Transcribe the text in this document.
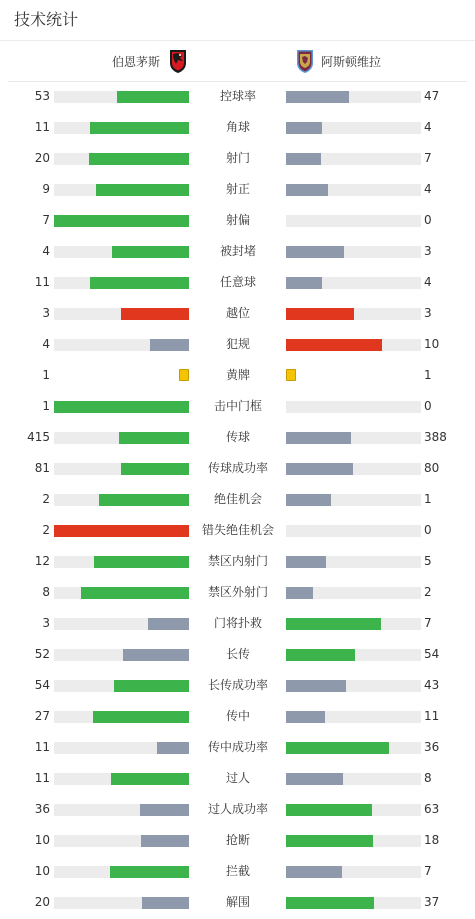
技术统计
伯恩茅斯	阿斯顿维拉
53	控球率	47
11	角球	4
20	射门	7
9	射正	4
7	射偏	0
4	被封堵	3
11	任意球	4
3	越位	3
4	犯规	10
1	黄牌	1
1	击中门框	0
415	传球	388
81	传球成功率	80
2	绝佳机会	1
2	错失绝佳机会	0
12	禁区内射门	5
8	禁区外射门	2
3	门将扑救	7
52	长传	54
54	长传成功率	43
27	传中	11
11	传中成功率	36
11	过人	8
36	过人成功率	63
10	抢断	18
10	拦截	7
20	解围	37
